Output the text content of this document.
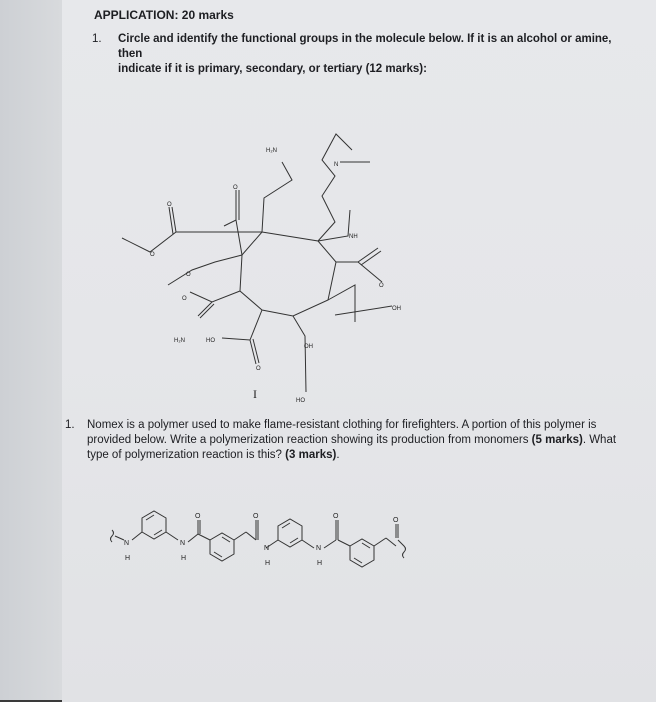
APPLICATION: 20 marks

1. Circle and identify the functional groups in the molecule below. If it is an alcohol or amine, then
indicate if it is primary, secondary, or tertiary (12 marks):
H₂N
N
NH
OH
O
O
O
O
O
O
H₂N	HO
O
OH
HO
I
1. Nomex is a polymer used to make flame-resistant clothing for firefighters. A portion of this polymer is
provided below. Write a polymerization reaction showing its production from monomers (5 marks). What
type of polymerization reaction is this? (3 marks).
N
H
N
H
O	O
N
H
N
H
O
O
